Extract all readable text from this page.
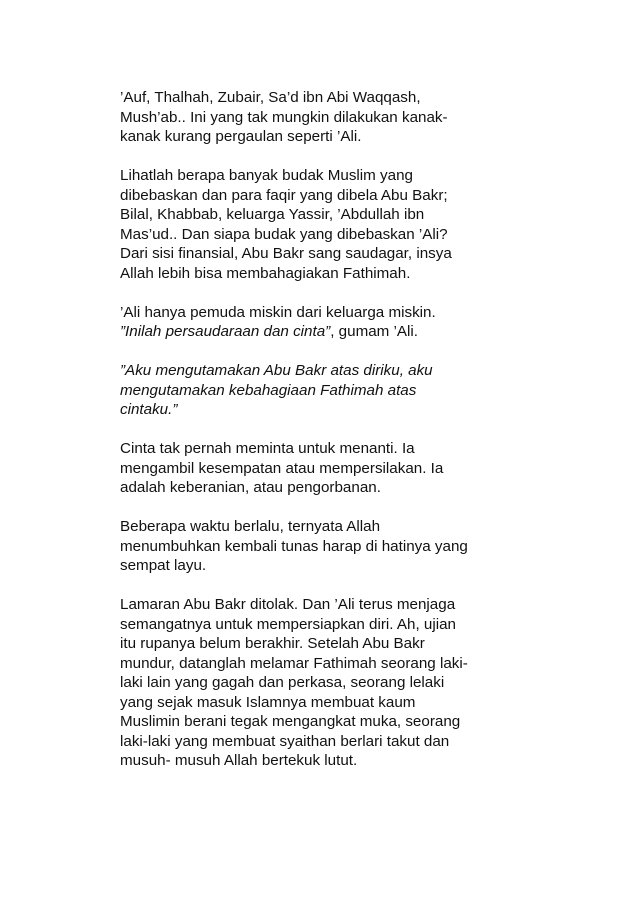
’Auf, Thalhah, Zubair, Sa’d ibn Abi Waqqash,
Mush’ab.. Ini yang tak mungkin dilakukan kanak-
kanak kurang pergaulan seperti ’Ali.

Lihatlah berapa banyak budak Muslim yang
dibebaskan dan para faqir yang dibela Abu Bakr;
Bilal, Khabbab, keluarga Yassir, ’Abdullah ibn
Mas’ud.. Dan siapa budak yang dibebaskan ’Ali?
Dari sisi finansial, Abu Bakr sang saudagar, insya
Allah lebih bisa membahagiakan Fathimah.

’Ali hanya pemuda miskin dari keluarga miskin.
”Inilah persaudaraan dan cinta”, gumam ’Ali.

”Aku mengutamakan Abu Bakr atas diriku, aku
mengutamakan kebahagiaan Fathimah atas
cintaku.”

Cinta tak pernah meminta untuk menanti. Ia
mengambil kesempatan atau mempersilakan. Ia
adalah keberanian, atau pengorbanan.

Beberapa waktu berlalu, ternyata Allah
menumbuhkan kembali tunas harap di hatinya yang
sempat layu.

Lamaran Abu Bakr ditolak. Dan ’Ali terus menjaga
semangatnya untuk mempersiapkan diri. Ah, ujian
itu rupanya belum berakhir. Setelah Abu Bakr
mundur, datanglah melamar Fathimah seorang laki-
laki lain yang gagah dan perkasa, seorang lelaki
yang sejak masuk Islamnya membuat kaum
Muslimin berani tegak mengangkat muka, seorang
laki-laki yang membuat syaithan berlari takut dan
musuh- musuh Allah bertekuk lutut.
